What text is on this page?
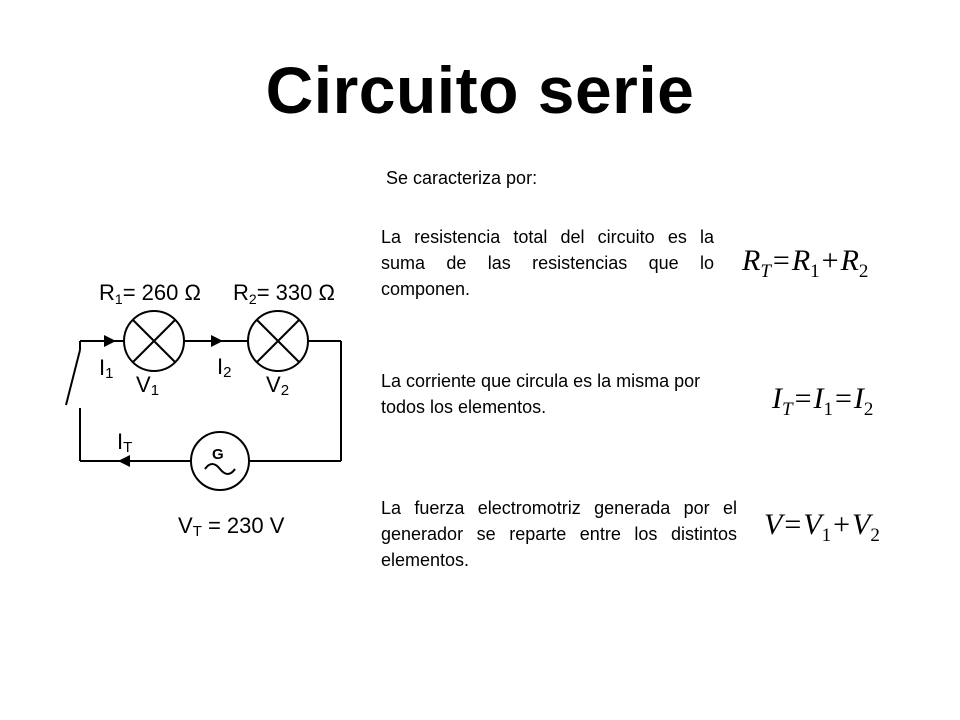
Circuito serie
Se caracteriza por:
La resistencia total del circuito es la suma de las resistencias que lo componen.
La corriente que circula es la misma por todos los elementos.
La fuerza electromotriz generada por el generador se reparte entre los distintos elementos.
$R_T=R_1+R_2$
$I_T=I_1=I_2$
$V=V_1+V_2$
R1= 260 Ω R2= 330 Ω
I1	I2
V1	V2
IT	G
VT = 230 V
